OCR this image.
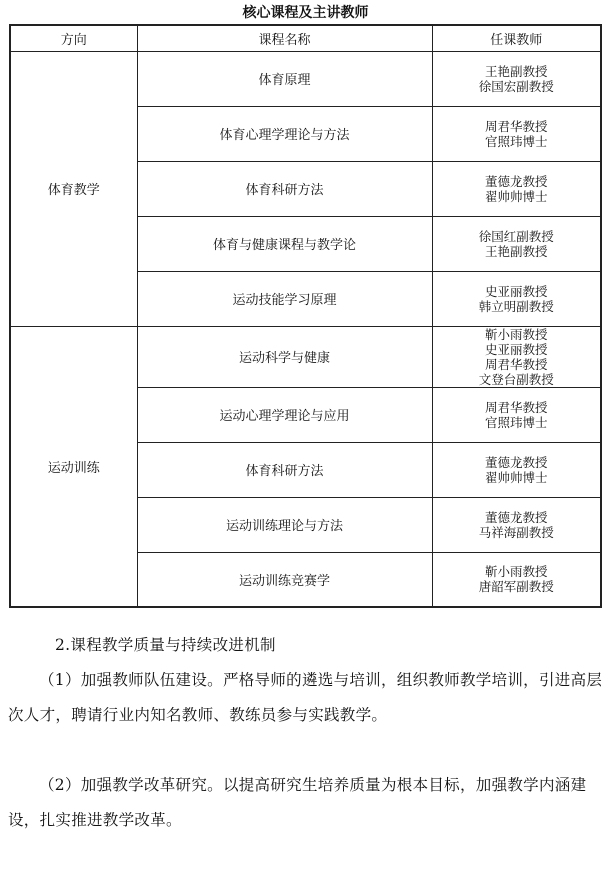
核心课程及主讲教师
方向	课程名称	任课教师
体育教学	体育原理	王艳副教授
徐国宏副教授

	体育心理学理论与方法	周君华教授
官照玮博士

	体育科研方法	董德龙教授
翟帅帅博士

	体育与健康课程与教学论	徐国红副教授
王艳副教授

	运动技能学习原理	史亚丽教授
韩立明副教授

运动训练	运动科学与健康	靳小雨教授
史亚丽教授
周君华教授
文登台副教授

	运动心理学理论与应用	周君华教授
官照玮博士

	体育科研方法	董德龙教授
翟帅帅博士

	运动训练理论与方法	董德龙教授
马祥海副教授

	运动训练竞赛学	靳小雨教授
唐韶军副教授
2.课程教学质量与持续改进机制
（1）加强教师队伍建设。严格导师的遴选与培训，组织教师教学培训，引进高层次人才，聘请行业内知名教师、教练员参与实践教学。
（2）加强教学改革研究。以提高研究生培养质量为根本目标，加强教学内涵建设，扎实推进教学改革。
